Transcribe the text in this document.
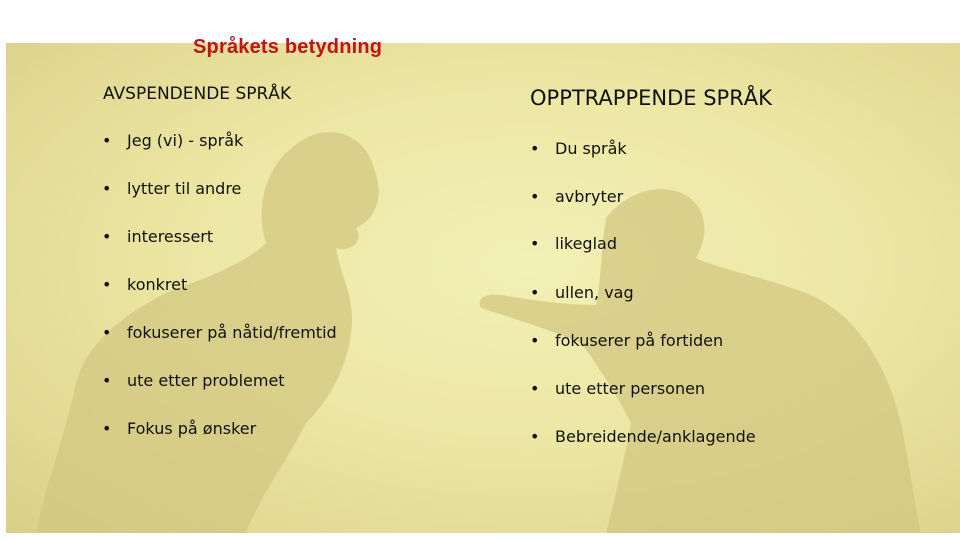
Språkets betydning
AVSPENDENDE SPRÅK	OPPTRAPPENDE SPRÅK
• Jeg (vi) - språk
• lytter til andre
• interessert
• konkret
• fokuserer på nåtid/fremtid
• ute etter problemet
• Fokus på ønsker
• Du språk
• avbryter
• likeglad
• ullen, vag
• fokuserer på fortiden
• ute etter personen
• Bebreidende/anklagende
